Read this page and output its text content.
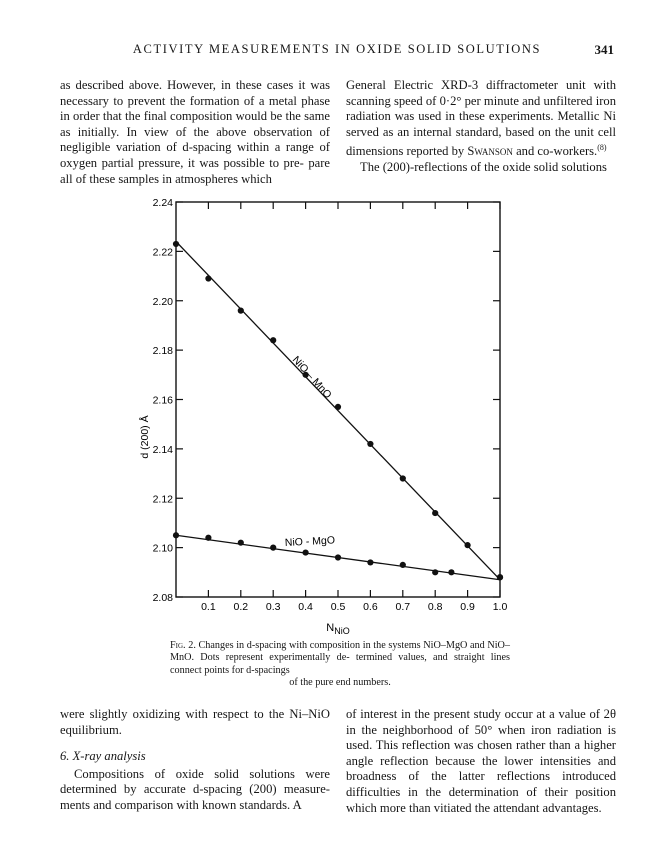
ACTIVITY MEASUREMENTS IN OXIDE SOLID SOLUTIONS	341

as described above. However, in these cases it was necessary to prevent the formation of a metal phase in order that the final composition would be the same as initially. In view of the above observation of negligible variation of d-spacing within a range of oxygen partial pressure, it was possible to pre- pare all of these samples in atmospheres which

General Electric XRD-3 diffractometer unit with scanning speed of 0·2° per minute and unfiltered iron radiation was used in these experiments. Metallic Ni served as an internal standard, based on the unit cell dimensions reported by Swanson and co-workers.$^{(8)}$

The (200)-reflections of the oxide solid solutions

2.08
2.10
2.12
2.14
2.16
2.18
2.20
2.22
2.24
0.1 0.2 0.3 0.4 0.5 0.6 0.7 0.8 0.9 1.0
NiO – MnO
NiO - MgO
d (200) Å
$N_{NiO}$
Fig. 2. Changes in d-spacing with composition in the systems NiO–MgO and NiO–MnO. Dots represent experimentally de- termined values, and straight lines connect points for d-spacings
of the pure end numbers.

were slightly oxidizing with respect to the Ni–NiO equilibrium.

6. X-ray analysis

Compositions of oxide solid solutions were determined by accurate d-spacing (200) measure- ments and comparison with known standards. A

of interest in the present study occur at a value of 2θ in the neighborhood of 50° when iron radiation is used. This reflection was chosen rather than a higher angle reflection because the lower intensities and broadness of the latter reflections introduced difficulties in the determination of their position which more than vitiated the attendant advantages.
